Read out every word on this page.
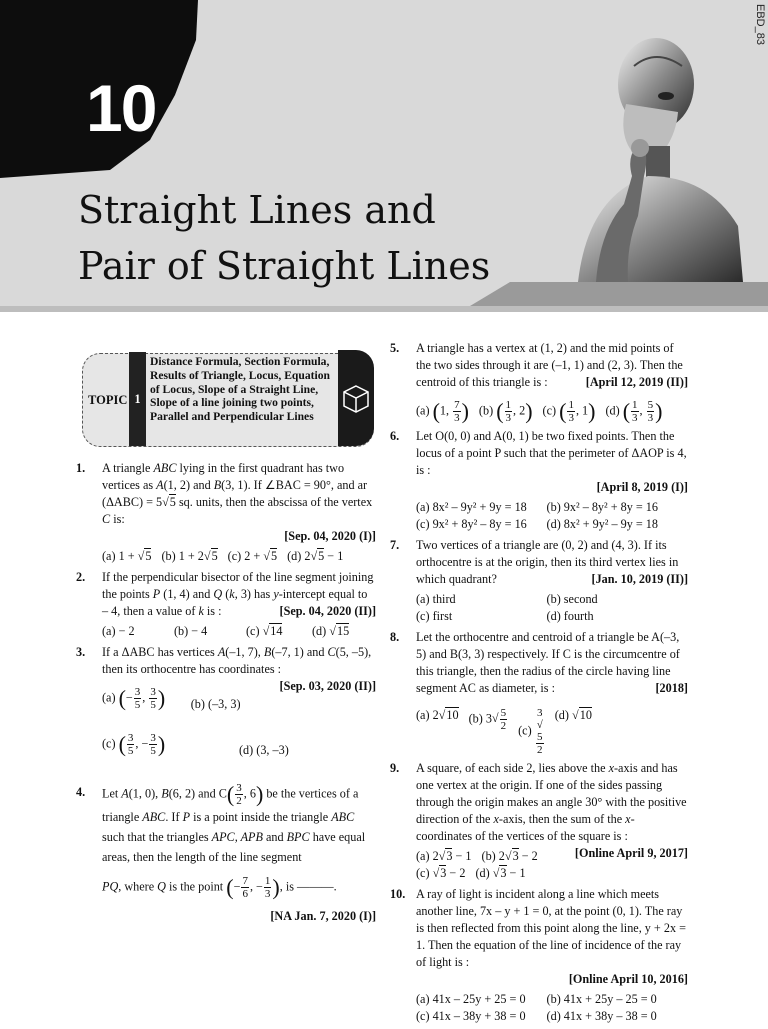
10
Straight Lines and
Pair of Straight Lines
EBD_83
TOPIC 1
Distance Formula, Section Formula, Results of Triangle, Locus, Equation of Locus, Slope of a Straight Line, Slope of a line joining two points, Parallel and Perpendicular Lines
1. A triangle ABC lying in the first quadrant has two vertices as A(1, 2) and B(3, 1). If ∠BAC = 90°, and ar (ΔABC) = 5√ 5 sq. units, then the abscissa of the vertex C is:
[Sep. 04, 2020 (I)]
(a) 1 + √ 5 (b) 1 + 2√ 5 (c) 2 + √ 5 (d) 2√ 5 − 1
2. If the perpendicular bisector of the line segment joining the points P (1, 4) and Q (k, 3) has y-intercept equal to – 4, then a value of k is :	[Sep. 04, 2020 (II)]
(a) − 2	(b) − 4	(c) √ 14	(d) √ 15
3. If a ΔABC has vertices A(–1, 7), B(–7, 1) and C(5, –5), then its orthocentre has coordinates :
[Sep. 03, 2020 (II)]
(a) (− $\frac{3}{5}$ , $\frac{3}{5}$ )	(b) (–3, 3)
(c) ( $\frac{3}{5}$ , − $\frac{3}{5}$ )	(d) (3, –3)
4. Let A(1, 0), B(6, 2) and $C( \frac{3}{2}$ , 6) be the vertices of a triangle ABC. If P is a point inside the triangle ABC such that the triangles APC, APB and BPC have equal areas, then the length of the line segment
PQ, where Q is the point (− $\frac{7}{6}$ , − $\frac{1}{3}$ ), is ———.
[NA Jan. 7, 2020 (I)]
5. A triangle has a vertex at (1, 2) and the mid points of the two sides through it are (–1, 1) and (2, 3). Then the centroid of this triangle is :	[April 12, 2019 (II)]
(a) (1, $\frac{7}{3}$ ) (b) ( $\frac{1}{3}$ , 2) (c) ( $\frac{1}{3}$ , 1) (d) ( $\frac{1}{3}$ , $\frac{5}{3}$ )
6. Let O(0, 0) and A(0, 1) be two fixed points. Then the locus of a point P such that the perimeter of ΔAOP is 4, is :
[April 8, 2019 (I)]
(a) 8x² – 9y² + 9y = 18	(b) 9x² – 8y² + 8y = 16
(c) 9x² + 8y² – 8y = 16	(d) 8x² + 9y² – 9y = 18
7. Two vertices of a triangle are (0, 2) and (4, 3). If its orthocentre is at the origin, then its third vertex lies in which quadrant?	[Jan. 10, 2019 (II)]
(a) third	(b) second
(c) first	(d) fourth
8. Let the orthocentre and centroid of a triangle be A(–3, 5) and B(3, 3) respectively. If C is the circumcentre of this triangle, then the radius of the circle having line segment AC as diameter, is :	[2018]
(a) 2√ 10 (b) $3√ \frac{5}{2} (c)$ 3
√
5
2 (d) √ 10
9. A square, of each side 2, lies above the x-axis and has one vertex at the origin. If one of the sides passing through the origin makes an angle 30° with the positive direction of the x-axis, then the sum of the x-coordinates of the vertices of the square is :
[Online April 9, 2017]
(a) 2√ 3 − 1 (b) 2√ 3 − 2
(c) √ 3 − 2 (d) √ 3 − 1
10. A ray of light is incident along a line which meets another line, 7x – y + 1 = 0, at the point (0, 1). The ray is then reflected from this point along the line, y + 2x = 1. Then the equation of the line of incidence of the ray of light is :
[Online April 10, 2016]
(a) 41x – 25y + 25 = 0	(b) 41x + 25y – 25 = 0
(c) 41x – 38y + 38 = 0	(d) 41x + 38y – 38 = 0
